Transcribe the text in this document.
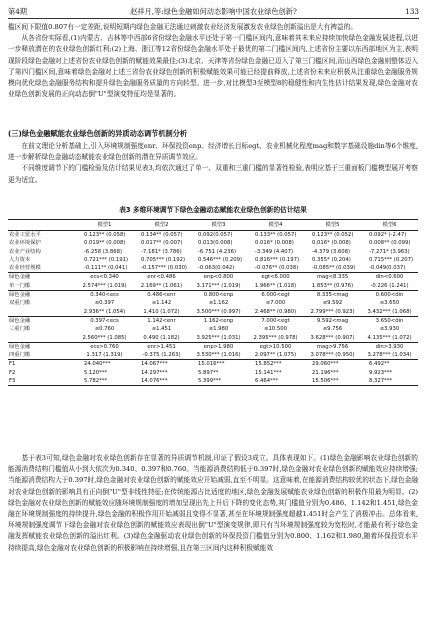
第4期	赵祥月,等:绿色金融如何动态影响中国农业绿色创新?	133

槛区间下限值0.807有一定差距,说明短期内绿色金融无法通过刺激农业经济发展激发农业绿色创新溢出是大有裨益的。

从各省份实际看,(1)内蒙古、吉林等中西部6省份绿色金融水平还处于第一门槛区间内,意味着其未来应持续加快绿色金融发展进程,以进一步释放潜在的农业绿色创新红利;(2)上海、浙江等12省份绿色金融水平处于最优的第二门槛区间内,上述省份主要以东西部地区为主,表明现阶段绿色金融对上述省份农业绿色创新的赋能效果最佳;(3)北京、天津等省份绿色金融已迈入了第三门槛区间,而山西绿色金融则整体迈入了第四门槛区间,意味着绿色金融对上述三省份农业绿色创新的积极赋能效果可能已经提前释放,上述省份未来应积极从注重绿色金融服务规模向优化绿色金融服务结构和提升绿色金融服务质量的方向转型。进一步,对比模型3至模型8的稳健性和内生性估计结果发现,绿色金融对农业绿色创新发展的正向动态倒"U"型演变特征均是显著的。

(三)绿色金融赋能农业绿色创新的异质动态调节机制分析

在前文理论分析基础上,引入环境规制强度enr、环保投资enp、经济增长目标egt、农业机械化程度mag和数字基础设施din等6个维度,进一步解析绿色金融动态赋能农业绿色创新的潜在异质调节效应。

不同维度调节下的门槛检验及估计结果见表3,均依次通过了单一、双重和三重门槛的显著性检验,表明应基于三重面板门槛模型展开考察更为适宜。

表3 多维环境调节下绿色金融动态赋能农业绿色创新的估计结果
	模型1	模型2	模型3	模型4	模型5	模型6
农业工贸水平	0.123** (0.058)	0.134** (0.057)	0.092(0.057)	0.133** (0.057)	0.123** (0.052)	0.092* (-2.47)
农业环境保护	0.019** (0.008)	0.017** (0.007)	0.013(0.008)	0.016* (0.008)	0.016* (0.008)	0.008** (0.099)
农业产业结构	-6.258 (3.868)	-7.181* (3.786)	-6.751 (4.236)	-3.349 (4.407)	-4.379 (3.608)	-7.271* (3.963)
人力资本	0.721*** (0.191)	0.705*** (0.192)	0.546*** (0.209)	0.816*** (0.197)	0.355* (0.204)	0.715*** (0.207)
农业经营规模	-0.111** (0.041)	-0.157*** (0.030)	-0.063(0.042)	-0.076** (0.038)	-0.085** (0.039)	-0.049(0.037)
绿色金融	ecs<0.340	enr<0.486	enp<0.800	egt<6.000	mag<8.335	din<0.600
单一门槛	2.574*** (1.019)	2.169** (1.061)	3.171*** (1.019)	1.966** (1.018)	1.853** (0.976)	-0.226 (1.241)
绿色金融	0.340<ecs	0.486<enr	0.800<enp	6.000<egt	8.335<mag	0.600<din
双重门槛	≤0.397	≤1.142	≤1.162	≤7.000	≤9.592	≤3.650
	2.936** (1.054)	1.410 (1.072)	3.500*** (0.997)	2.468** (0.980)	2.799*** (0.923)	3.432*** (1.068)
绿色金融	0.397<ecs	1.142<enr	1.162<enp	7.000<egt	9.592<mag	3.650<din
三重门槛	≤0.760	≤1.451	≤1.980	≤10.500	≤9.756	≤3.930
	2.560*** (1.085)	0.490 (1.182)	3.925*** (1.031)	2.395*** (0.978)	3.628*** (0.907)	4.135*** (1.072)
绿色金融	ecs>0.760	enr>1.451	enp>1.980	egt>10.500	mag>9.756	din>3.930
四重门槛	1.317 (1.319)	-0.375 (1.263)	3.530*** (1.016)	2.097** (1.075)	3.078*** (0.950)	3.278*** (1.034)
F1	24.040***	14.067***	15.016***	15.852***	29.060***	6.492**
F2	5.120***	14.297***	5.897**	15.141***	21.196***	9.923***
F3	5.782***	14.076***	5.399***	6.464***	15.506***	8.327***

基于表3可知,绿色金融对农业绿色创新存在显著的异质调节机制,印证了假设3成立。具体表现如下。(1)绿色金融影响农业绿色创新的能源消费结构门槛值从小到大依次为0.340、0.397和0.760。当能源消费结构低于0.397时,绿色金融对农业绿色创新的赋能效应持续增强;当能源消费结构大于0.397时,绿色金融对农业绿色创新的赋能效应开始减弱,直至不明显。这意味着,在能源消费结构较优的状态下,绿色金融对农业绿色创新的影响具有正向倒"U"型非线性特征;在传统能源占比适度的地区,绿色金融发展赋能农业绿色创新的积极作用最为明显。(2)绿色金融对农业绿色创新的赋能效应随环境规制强度的增加呈现出先上升后下降的变化态势,其门槛值分别为0.486、1.142和1.451,绿色金融在环境规制强度的持续提升,绿色金融的积极作用开始减弱且变得不显著,甚至在环境规制强度超越1.451时会产生了消极冲击。总体看来,环境规制强度调节下绿色金融对农业绿色创新的赋能效应表现出倒"U"型演变规律,即只有当环境规制强度较为宽松时,才能最有利于绿色金融发挥赋能农业绿色创新的溢出红利。(3)绿色金融驱动农业绿色创新的环保投资门槛值分别为0.800、1.162和1.980,随着环保投资水平持续提高,绿色金融对农业绿色创新的积极影响在持续增强,且在第三区间内这种积极赋能效
